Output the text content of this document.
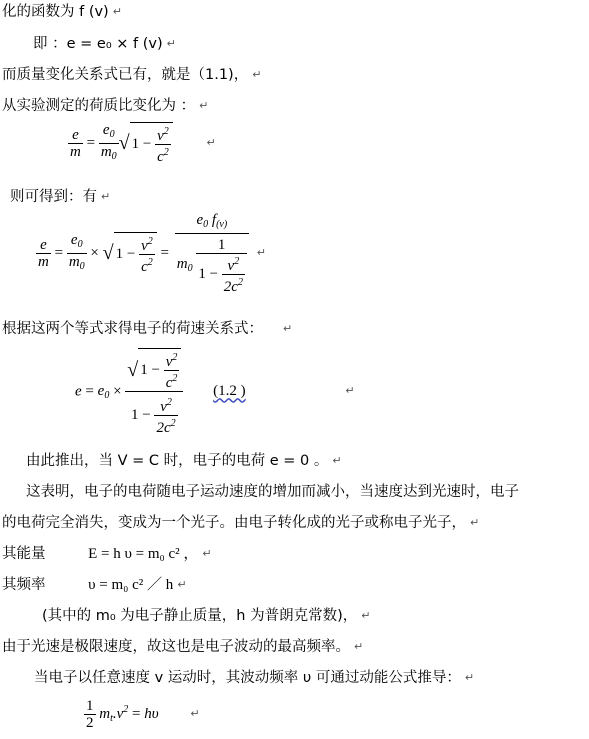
化的函数为 f (v) ↵
即 ：e = e₀ × f (v) ↵
而质量变化关系式已有，就是（1.1)， ↵
从实验测定的荷质比变化为 ： ↵
$\frac{e}{m} = \frac{e_0}{m_0}$ √ $1 - \frac{v^2}{c^2}$	↵
则可得到：有 ↵
$\frac{e}{m} = \frac{e_0}{m_0}$ × √ $1 - \frac{v^2}{c^2} = \frac{e_0 f_{(v)}}{m_0 \frac{1}{1 - \frac{v^2}{2c^2}}}$ ↵
根据这两个等式求得电子的荷速关系式： ↵
$e = e_0 \times \frac{√ 1 - \frac{v^2}{c^2}}{1 - \frac{v^2}{2c^2}} (1.2$ )	↵
由此推出，当 V = C 时，电子的电荷 e = 0 。 ↵
这表明，电子的电荷随电子运动速度的增加而减小，当速度达到光速时，电子
的电荷完全消失，变成为一个光子。由电子转化成的光子或称电子光子， ↵
其能量	E = h υ = m₀ c² ， ↵
其频率	υ = m₀ c² ／ h ↵
(其中的 m₀ 为电子静止质量，h 为普朗克常数)， ↵
由于光速是极限速度，故这也是电子波动的最高频率。 ↵
当电子以任意速度 v 运动时，其波动频率 υ 可通过动能公式推导： ↵
$\frac{1}{2} m_t.v^2 = h\upsilon$	↵
